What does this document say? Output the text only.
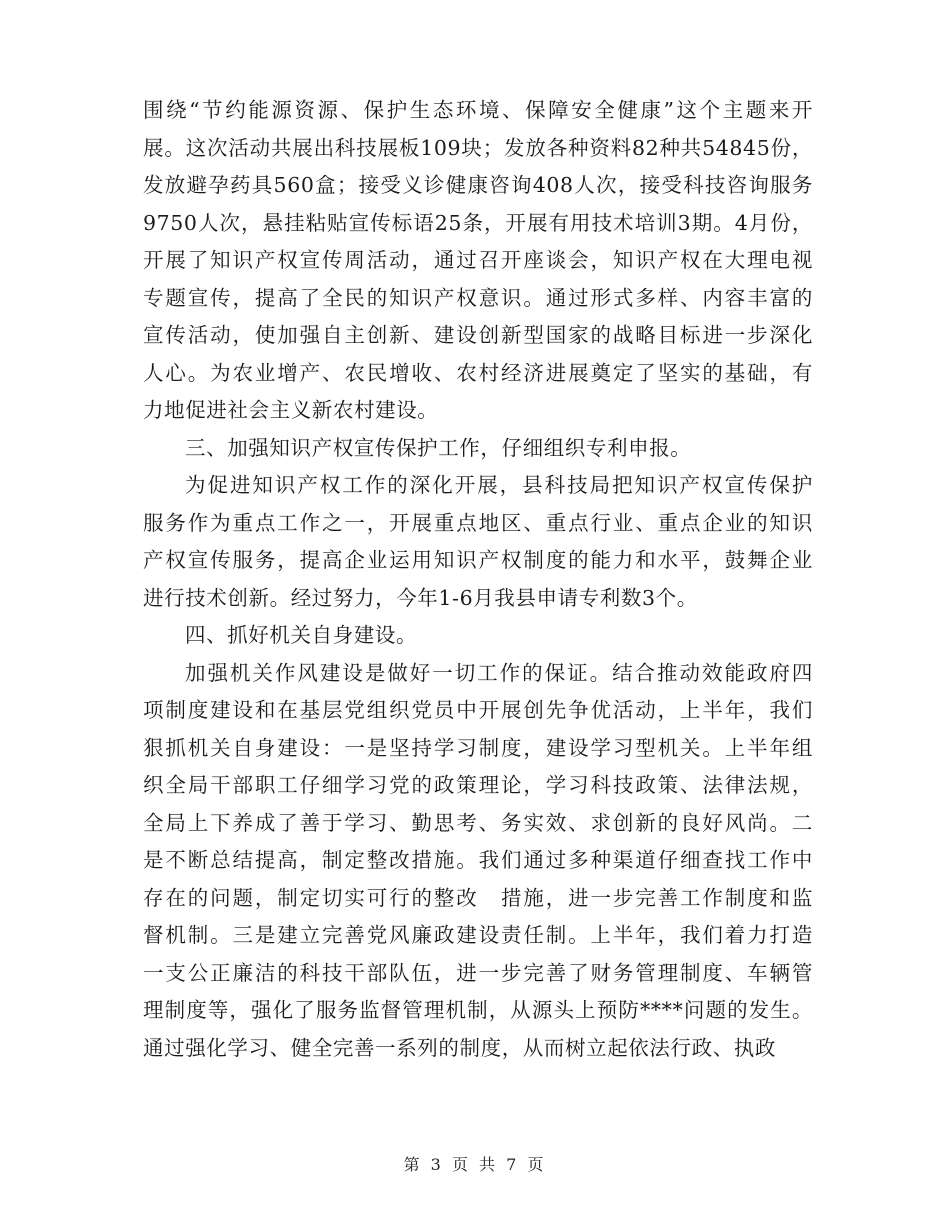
围绕“节约能源资源、保护生态环境、保障安全健康”这个主题来开
展。这次活动共展出科技展板109块；发放各种资料82种共54845份，
发放避孕药具560盒；接受义诊健康咨询408人次，接受科技咨询服务
9750人次，悬挂粘贴宣传标语25条，开展有用技术培训3期。4月份，
开展了知识产权宣传周活动，通过召开座谈会，知识产权在大理电视
专题宣传，提高了全民的知识产权意识。通过形式多样、内容丰富的
宣传活动，使加强自主创新、建设创新型国家的战略目标进一步深化
人心。为农业增产、农民增收、农村经济进展奠定了坚实的基础，有
力地促进社会主义新农村建设。
三、加强知识产权宣传保护工作，仔细组织专利申报。
为促进知识产权工作的深化开展，县科技局把知识产权宣传保护
服务作为重点工作之一，开展重点地区、重点行业、重点企业的知识
产权宣传服务，提高企业运用知识产权制度的能力和水平，鼓舞企业
进行技术创新。经过努力，今年1-6月我县申请专利数3个。
四、抓好机关自身建设。
加强机关作风建设是做好一切工作的保证。结合推动效能政府四
项制度建设和在基层党组织党员中开展创先争优活动，上半年，我们
狠抓机关自身建设：一是坚持学习制度，建设学习型机关。上半年组
织全局干部职工仔细学习党的政策理论，学习科技政策、法律法规，
全局上下养成了善于学习、勤思考、务实效、求创新的良好风尚。二
是不断总结提高，制定整改措施。我们通过多种渠道仔细查找工作中
存在的问题，制定切实可行的整改　措施，进一步完善工作制度和监
督机制。三是建立完善党风廉政建设责任制。上半年，我们着力打造
一支公正廉洁的科技干部队伍，进一步完善了财务管理制度、车辆管
理制度等，强化了服务监督管理机制，从源头上预防****问题的发生。
通过强化学习、健全完善一系列的制度，从而树立起依法行政、执政
第 3 页 共 7 页
